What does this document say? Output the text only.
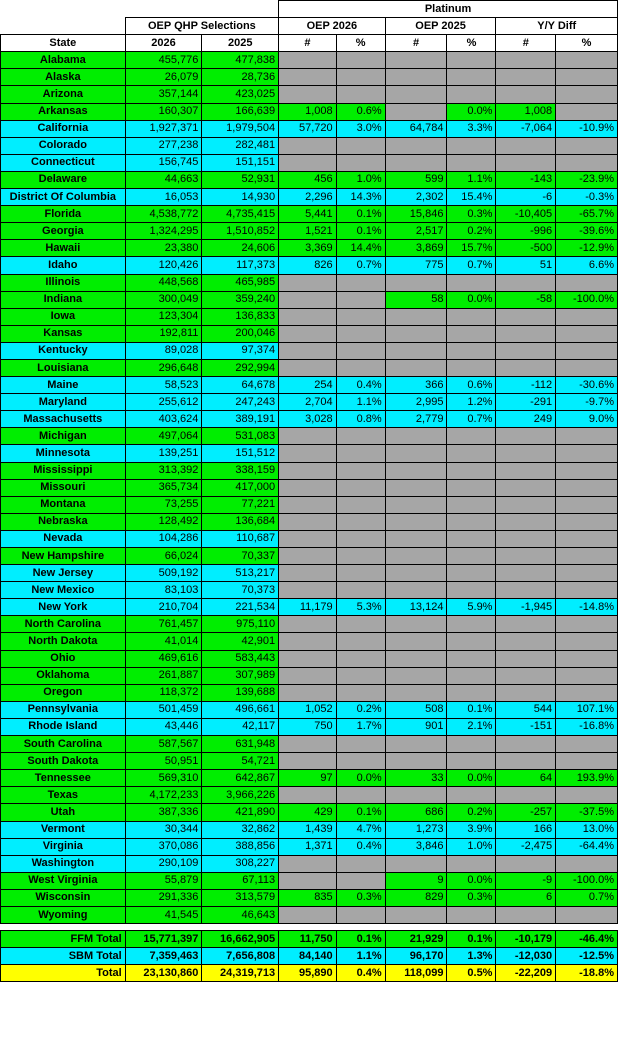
			Platinum					
	OEP QHP Selections		OEP 2026		OEP 2025		Y/Y Diff	
State	2026	2025	#	%	#	%	#	%
Alabama	455,776	477,838						
Alaska	26,079	28,736						
Arizona	357,144	423,025						
Arkansas	160,307	166,639	1,008	0.6%		0.0%	1,008	
California	1,927,371	1,979,504	57,720	3.0%	64,784	3.3%	-7,064	-10.9%
Colorado	277,238	282,481						
Connecticut	156,745	151,151						
Delaware	44,663	52,931	456	1.0%	599	1.1%	-143	-23.9%
District Of Columbia	16,053	14,930	2,296	14.3%	2,302	15.4%	-6	-0.3%
Florida	4,538,772	4,735,415	5,441	0.1%	15,846	0.3%	-10,405	-65.7%
Georgia	1,324,295	1,510,852	1,521	0.1%	2,517	0.2%	-996	-39.6%
Hawaii	23,380	24,606	3,369	14.4%	3,869	15.7%	-500	-12.9%
Idaho	120,426	117,373	826	0.7%	775	0.7%	51	6.6%
Illinois	448,568	465,985						
Indiana	300,049	359,240			58	0.0%	-58	-100.0%
Iowa	123,304	136,833						
Kansas	192,811	200,046						
Kentucky	89,028	97,374						
Louisiana	296,648	292,994						
Maine	58,523	64,678	254	0.4%	366	0.6%	-112	-30.6%
Maryland	255,612	247,243	2,704	1.1%	2,995	1.2%	-291	-9.7%
Massachusetts	403,624	389,191	3,028	0.8%	2,779	0.7%	249	9.0%
Michigan	497,064	531,083						
Minnesota	139,251	151,512						
Mississippi	313,392	338,159						
Missouri	365,734	417,000						
Montana	73,255	77,221						
Nebraska	128,492	136,684						
Nevada	104,286	110,687						
New Hampshire	66,024	70,337						
New Jersey	509,192	513,217						
New Mexico	83,103	70,373						
New York	210,704	221,534	11,179	5.3%	13,124	5.9%	-1,945	-14.8%
North Carolina	761,457	975,110						
North Dakota	41,014	42,901						
Ohio	469,616	583,443						
Oklahoma	261,887	307,989						
Oregon	118,372	139,688						
Pennsylvania	501,459	496,661	1,052	0.2%	508	0.1%	544	107.1%
Rhode Island	43,446	42,117	750	1.7%	901	2.1%	-151	-16.8%
South Carolina	587,567	631,948						
South Dakota	50,951	54,721						
Tennessee	569,310	642,867	97	0.0%	33	0.0%	64	193.9%
Texas	4,172,233	3,966,226						
Utah	387,336	421,890	429	0.1%	686	0.2%	-257	-37.5%
Vermont	30,344	32,862	1,439	4.7%	1,273	3.9%	166	13.0%
Virginia	370,086	388,856	1,371	0.4%	3,846	1.0%	-2,475	-64.4%
Washington	290,109	308,227						
West Virginia	55,879	67,113			9	0.0%	-9	-100.0%
Wisconsin	291,336	313,579	835	0.3%	829	0.3%	6	0.7%
Wyoming	41,545	46,643						

FFM Total	15,771,397	16,662,905	11,750	0.1%	21,929	0.1%	-10,179	-46.4%
SBM Total	7,359,463	7,656,808	84,140	1.1%	96,170	1.3%	-12,030	-12.5%
Total	23,130,860	24,319,713	95,890	0.4%	118,099	0.5%	-22,209	-18.8%
